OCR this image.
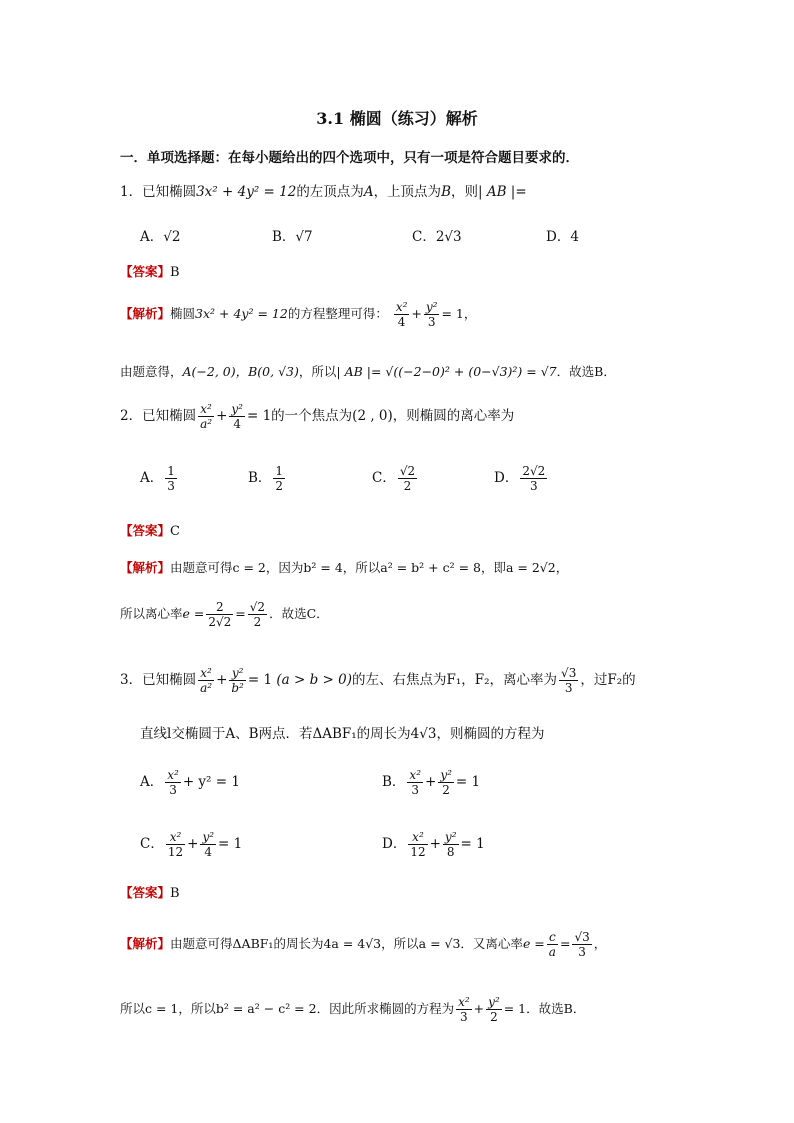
3.1 椭圆（练习）解析
一．单项选择题：在每小题给出的四个选项中，只有一项是符合题目要求的．
1．已知椭圆3x² + 4y² = 12的左顶点为A，上顶点为B，则| AB |=
A．√2	B．√7	C．2√3	D．4
【答案】B
【解析】椭圆3x² + 4y² = 12的方程整理可得： $\frac{\text{x²}}{4} + \frac{\text{y²}}{3} = 1$，
由题意得，A(−2, 0)，B(0, √3)，所以| AB |= √((−2−0)² + (0−√3)²) = √7．故选B．
2．已知椭圆 $\frac{\text{x²}}{\text{a²}} + \frac{\text{y²}}{4} = 1$的一个焦点为(2 , 0)，则椭圆的离心率为
A． $\frac{1}{3}$	B． $\frac{1}{2}$	C． $\frac{√2}{2}$	D． $\frac{2√2}{3}$
【答案】C
【解析】由题意可得c = 2，因为b² = 4，所以a² = b² + c² = 8，即a = 2√2，
所以离心率$e = \frac{2}{2√2} = \frac{√2}{2}$ ．故选C．
3．已知椭圆 $\frac{\text{x²}}{\text{a²}} + \frac{\text{y²}}{\text{b²}} = 1$ (a > b > 0)的左、右焦点为F₁，F₂，离心率为 $\frac{√3}{3}$ ，过F₂的
直线l交椭圆于A、B两点．若ΔABF₁的周长为4√3，则椭圆的方程为
A． $\frac{\text{x²}}{3} + y^2 = 1$	B． $\frac{\text{x²}}{3} + \frac{\text{y²}}{2} = 1$
C． $\frac{\text{x²}}{12} + \frac{\text{y²}}{4} = 1$	D． $\frac{\text{x²}}{12} + \frac{\text{y²}}{8} = 1$
【答案】B
【解析】由题意可得ΔABF₁的周长为4a = 4√3，所以a = √3．又离心率$e = \frac{c}{a} = \frac{√3}{3}$ ，
所以c = 1，所以b² = a² − c² = 2．因此所求椭圆的方程为 $\frac{\text{x²}}{3} + \frac{\text{y²}}{2} = 1$．故选B．
